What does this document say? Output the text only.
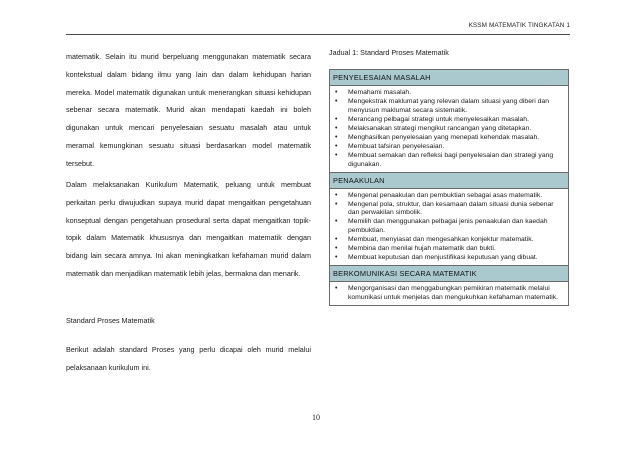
KSSM MATEMATIK TINGKATAN 1

matematik. Selain itu murid berpeluang menggunakan matematik secara kontekstual dalam bidang ilmu yang lain dan dalam kehidupan harian mereka. Model matematik digunakan untuk menerangkan situasi kehidupan sebenar secara matematik. Murid akan mendapati kaedah ini boleh digunakan untuk mencari penyelesaian sesuatu masalah atau untuk meramal kemungkinan sesuatu situasi berdasarkan model matematik tersebut.

Dalam melaksanakan Kurikulum Matematik, peluang untuk membuat perkaitan perlu diwujudkan supaya murid dapat mengaitkan pengetahuan konseptual dengan pengetahuan prosedural serta dapat mengaitkan topik-topik dalam Matematik khususnya dan mengaitkan matematik dengan bidang lain secara amnya. Ini akan meningkatkan kefahaman murid dalam matematik dan menjadikan matematik lebih jelas, bermakna dan menarik.

Standard Proses Matematik

Berikut adalah standard Proses yang perlu dicapai oleh murid melalui pelaksanaan kurikulum ini.

Jadual 1: Standard Proses Matematik
PENYELESAIAN MASALAH
• Memahami masalah.
• Mengekstrak maklumat yang relevan dalam situasi yang diberi dan menyusun maklumat secara sistematik.
• Merancang pelbagai strategi untuk menyelesaikan masalah.
• Melaksanakan strategi mengikut rancangan yang ditetapkan.
• Menghasilkan penyelesaian yang menepati kehendak masalah.
• Membuat tafsiran penyelesaian.
• Membuat semakan dan refleksi bagi penyelesaian dan strategi yang digunakan.
PENAAKULAN
• Mengenal penaakulan dan pembuktian sebagai asas matematik.
• Mengenal pola, struktur, dan kesamaan dalam situasi dunia sebenar dan perwakilan simbolik.
• Memilih dan menggunakan pelbagai jenis penaakulan dan kaedah pembuktian.
• Membuat, menyiasat dan mengesahkan konjektur matematik.
• Membina dan menilai hujah matematik dan bukti.
• Membuat keputusan dan menjustifikasi keputusan yang dibuat.
BERKOMUNIKASI SECARA MATEMATIK
• Mengorganisasi dan menggabungkan pemikiran matematik melalui komunikasi untuk menjelas dan mengukuhkan kefahaman matematik.
10
